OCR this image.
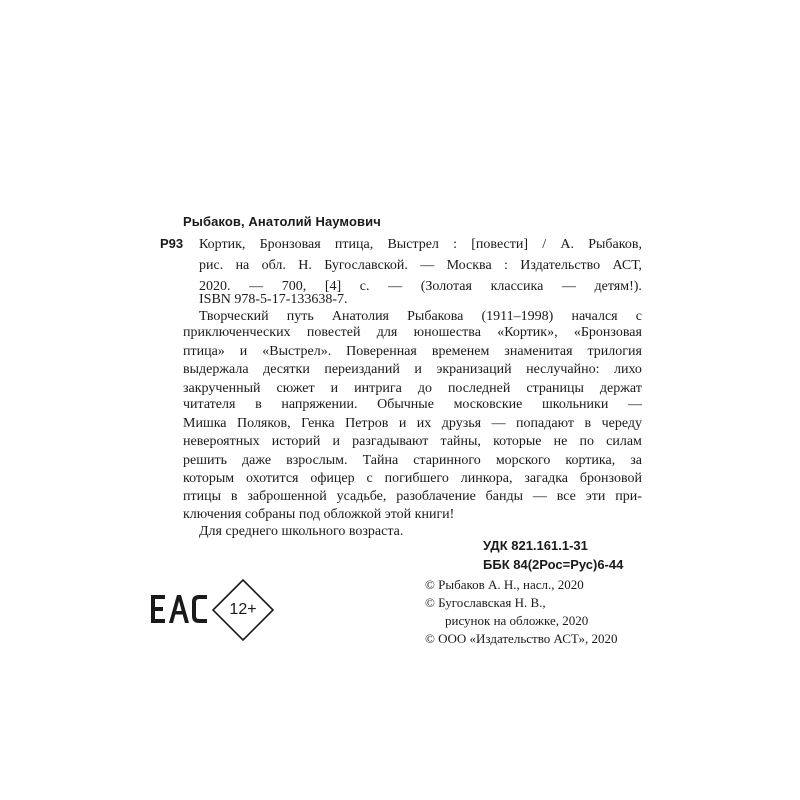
Рыбаков, Анатолий Наумович
Р93 Кортик, Бронзовая птица, Выстрел : [повести] / А. Рыбаков,
рис. на обл. Н. Бугославской. — Москва : Издательство АСТ,
2020. — 700, [4] с. — (Золотая классика — детям!).
ISBN 978-5-17-133638-7.
Творческий путь Анатолия Рыбакова (1911–1998) начался с
приключенческих повестей для юношества «Кортик», «Бронзовая
птица» и «Выстрел». Поверенная временем знаменитая трилогия
выдержала десятки переизданий и экранизаций неслучайно: лихо
закрученный сюжет и интрига до последней страницы держат
читателя в напряжении. Обычные московские школьники —
Мишка Поляков, Генка Петров и их друзья — попадают в череду
невероятных историй и разгадывают тайны, которые не по силам
решить даже взрослым. Тайна старинного морского кортика, за
которым охотится офицер с погибшего линкора, загадка бронзовой
птицы в заброшенной усадьбе, разоблачение банды — все эти при-
ключения собраны под обложкой этой книги!
Для среднего школьного возраста.
УДК 821.161.1-31
ББК 84(2Рос=Рус)6-44
© Рыбаков А. Н., насл., 2020
© Бугославская Н. В.,
рисунок на обложке, 2020
© ООО «Издательство АСТ», 2020
12+
